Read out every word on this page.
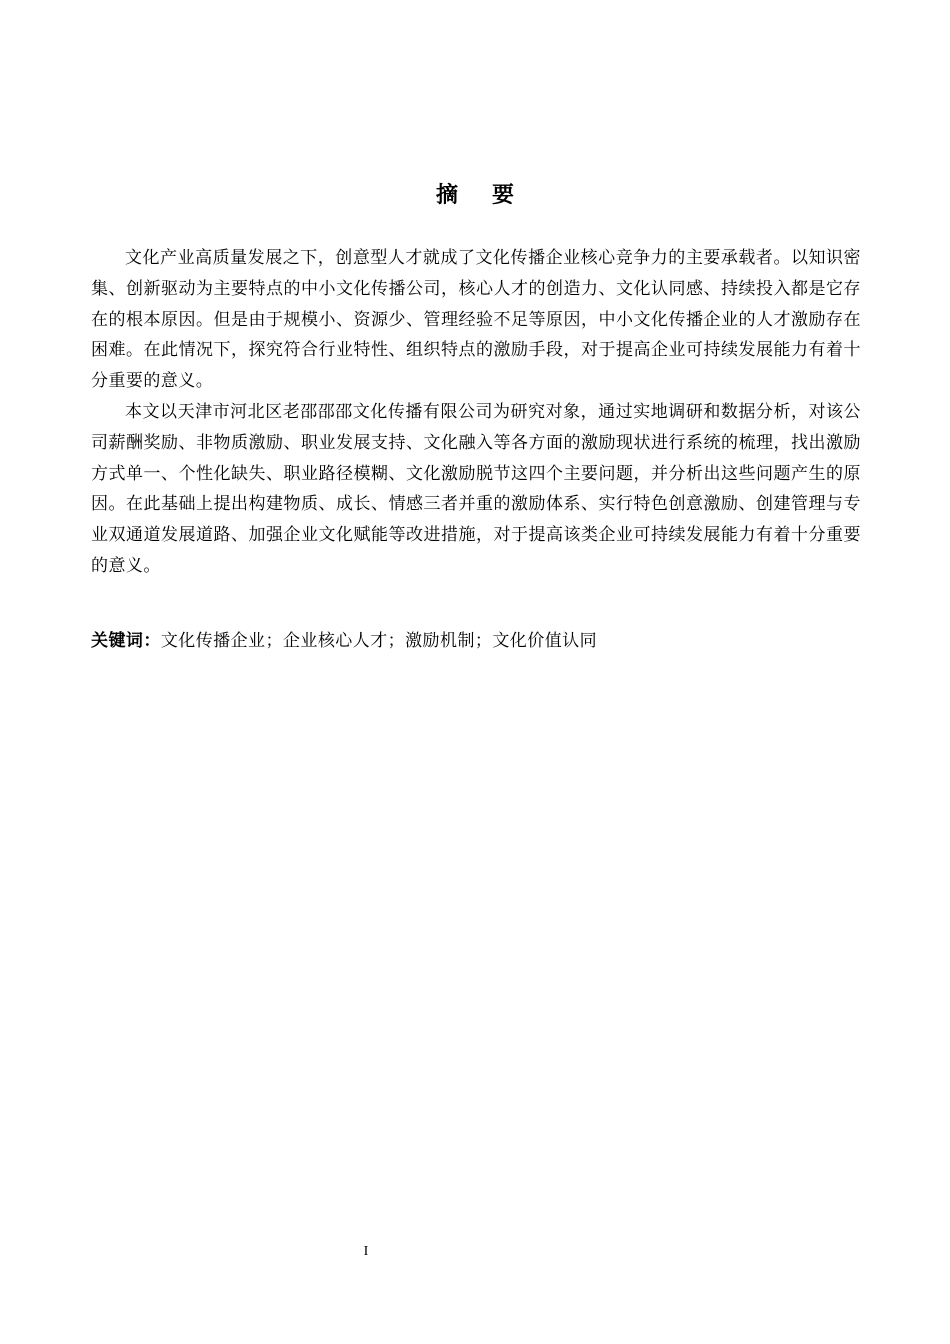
摘要

文化产业高质量发展之下，创意型人才就成了文化传播企业核心竞争力的主要承载者。以知识密集、创新驱动为主要特点的中小文化传播公司，核心人才的创造力、文化认同感、持续投入都是它存在的根本原因。但是由于规模小、资源少、管理经验不足等原因，中小文化传播企业的人才激励存在困难。在此情况下，探究符合行业特性、组织特点的激励手段，对于提高企业可持续发展能力有着十分重要的意义。

本文以天津市河北区老邵邵邵文化传播有限公司为研究对象，通过实地调研和数据分析，对该公司薪酬奖励、非物质激励、职业发展支持、文化融入等各方面的激励现状进行系统的梳理，找出激励方式单一、个性化缺失、职业路径模糊、文化激励脱节这四个主要问题，并分析出这些问题产生的原因。在此基础上提出构建物质、成长、情感三者并重的激励体系、实行特色创意激励、创建管理与专业双通道发展道路、加强企业文化赋能等改进措施，对于提高该类企业可持续发展能力有着十分重要的意义。

关键词：文化传播企业；企业核心人才；激励机制；文化价值认同
I
